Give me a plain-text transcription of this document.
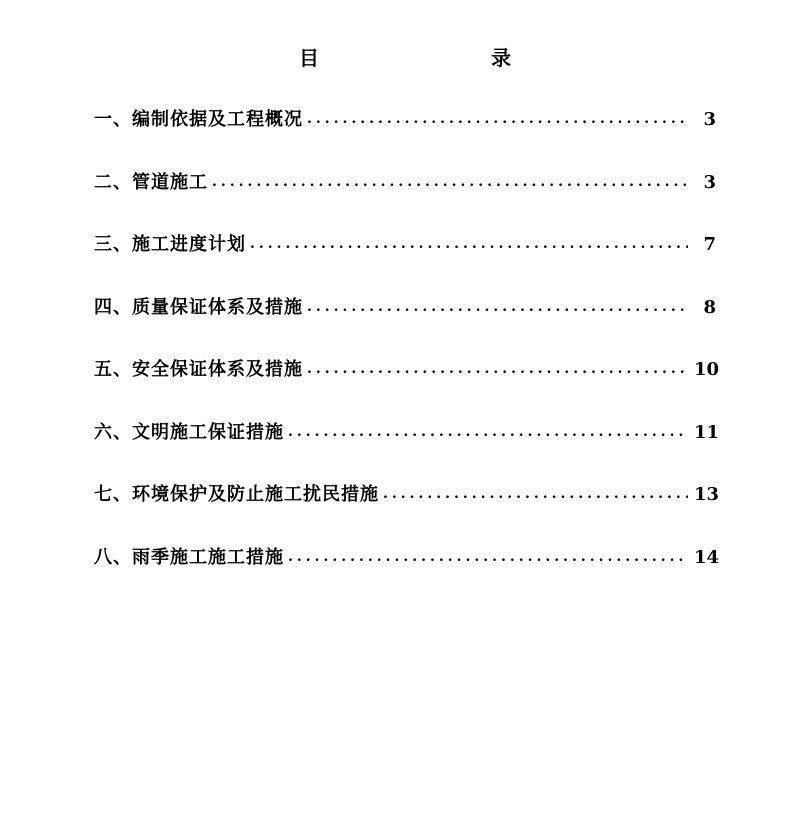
目	录
一、编制依据及工程概况 .....	3
二、管道施工 .....	3
三、施工进度计划 .....	7
四、质量保证体系及措施 .....	8
五、安全保证体系及措施 .....	10
六、文明施工保证措施 .....	11
七、环境保护及防止施工扰民措施 .....	13
八、雨季施工施工措施 .....	14
